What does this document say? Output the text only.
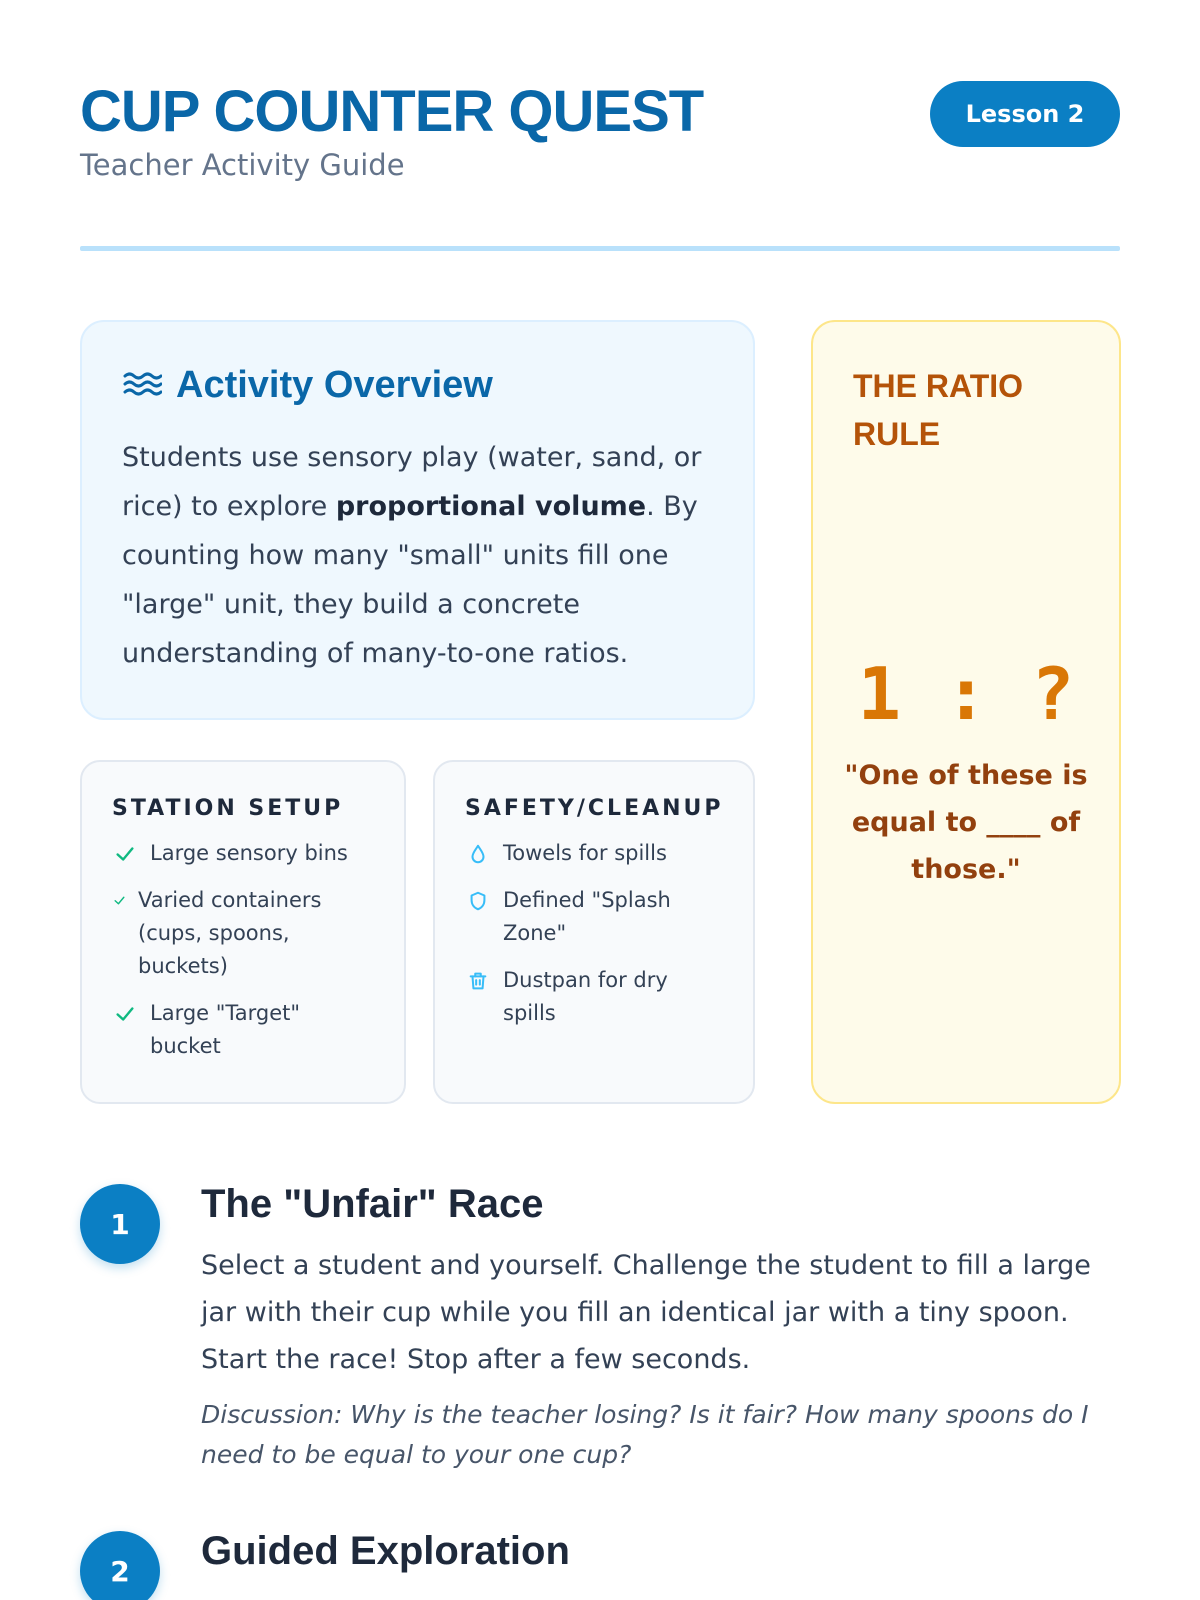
CUP COUNTER QUEST
Teacher Activity Guide
Lesson 2
Activity Overview

Students use sensory play (water, sand, or rice) to explore proportional volume. By counting how many "small" units fill one "large" unit, they build a concrete understanding of many-to-one ratios.

STATION SETUP
Large sensory bins
Varied containers (cups, spoons, buckets)
Large "Target" bucket
SAFETY/CLEANUP
Towels for spills
Defined "Splash Zone"
Dustpan for dry spills
THE RATIO RULE
1 : ?
"One of these is equal to ____ of those."
1	The "Unfair" Race

Select a student and yourself. Challenge the student to fill a large jar with their cup while you fill an identical jar with a tiny spoon. Start the race! Stop after a few seconds.

Discussion: Why is the teacher losing? Is it fair? How many spoons do I need to be equal to your one cup?

2	Guided Exploration
